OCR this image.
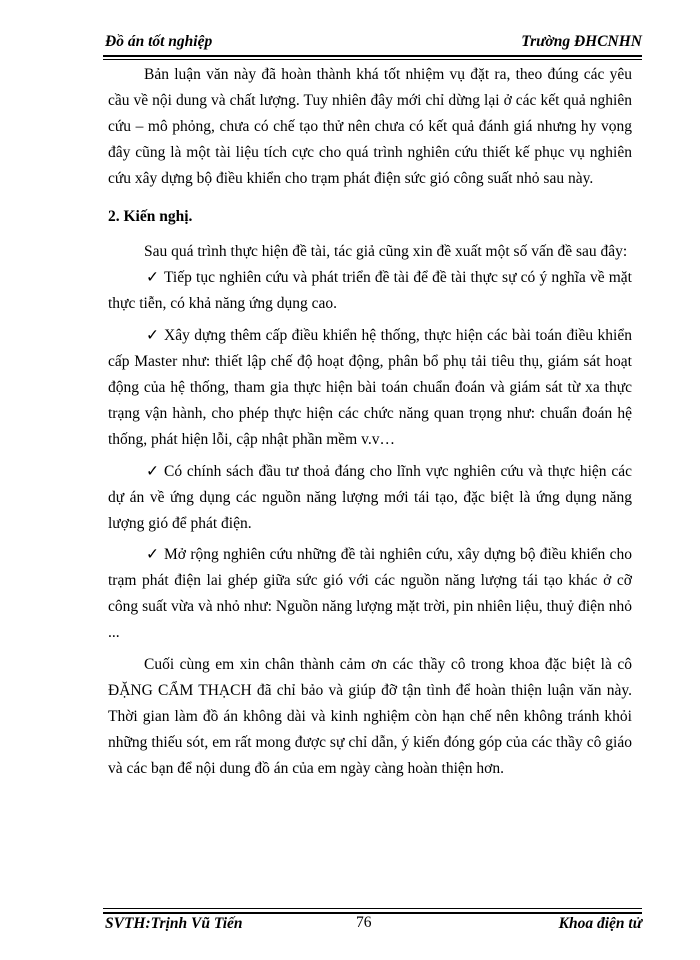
Đồ án tốt nghiệp	Trường ĐHCNHN

Bản luận văn này đã hoàn thành khá tốt nhiệm vụ đặt ra, theo đúng các yêu cầu về nội dung và chất lượng. Tuy nhiên đây mới chỉ dừng lại ở các kết quả nghiên cứu – mô phỏng, chưa có chế tạo thử nên chưa có kết quả đánh giá nhưng hy vọng đây cũng là một tài liệu tích cực cho quá trình nghiên cứu thiết kế phục vụ nghiên cứu xây dựng bộ điều khiển cho trạm phát điện sức gió công suất nhỏ sau này.

2. Kiến nghị.

Sau quá trình thực hiện đề tài, tác giả cũng xin đề xuất một số vấn đề sau đây:

✓ Tiếp tục nghiên cứu và phát triển đề tài để đề tài thực sự có ý nghĩa về mặt thực tiễn, có khả năng ứng dụng cao.

✓ Xây dựng thêm cấp điều khiển hệ thống, thực hiện các bài toán điều khiển cấp Master như: thiết lập chế độ hoạt động, phân bổ phụ tải tiêu thụ, giám sát hoạt động của hệ thống, tham gia thực hiện bài toán chuẩn đoán và giám sát từ xa thực trạng vận hành, cho phép thực hiện các chức năng quan trọng như: chuẩn đoán hệ thống, phát hiện lỗi, cập nhật phần mềm v.v…

✓ Có chính sách đầu tư thoả đáng cho lĩnh vực nghiên cứu và thực hiện các dự án về ứng dụng các nguồn năng lượng mới tái tạo, đặc biệt là ứng dụng năng lượng gió để phát điện.

✓ Mở rộng nghiên cứu những đề tài nghiên cứu, xây dựng bộ điều khiển cho trạm phát điện lai ghép giữa sức gió với các nguồn năng lượng tái tạo khác ở cỡ công suất vừa và nhỏ như: Nguồn năng lượng mặt trời, pin nhiên liệu, thuỷ điện nhỏ ...

Cuối cùng em xin chân thành cảm ơn các thầy cô trong khoa đặc biệt là cô ĐẶNG CẨM THẠCH đã chỉ bảo và giúp đỡ tận tình để hoàn thiện luận văn này. Thời gian làm đồ án không dài và kinh nghiệm còn hạn chế nên không tránh khỏi những thiếu sót, em rất mong được sự chỉ dẫn, ý kiến đóng góp của các thầy cô giáo và các bạn để nội dung đồ án của em ngày càng hoàn thiện hơn.

SVTH:Trịnh Vũ Tiến	76	Khoa điện tử
